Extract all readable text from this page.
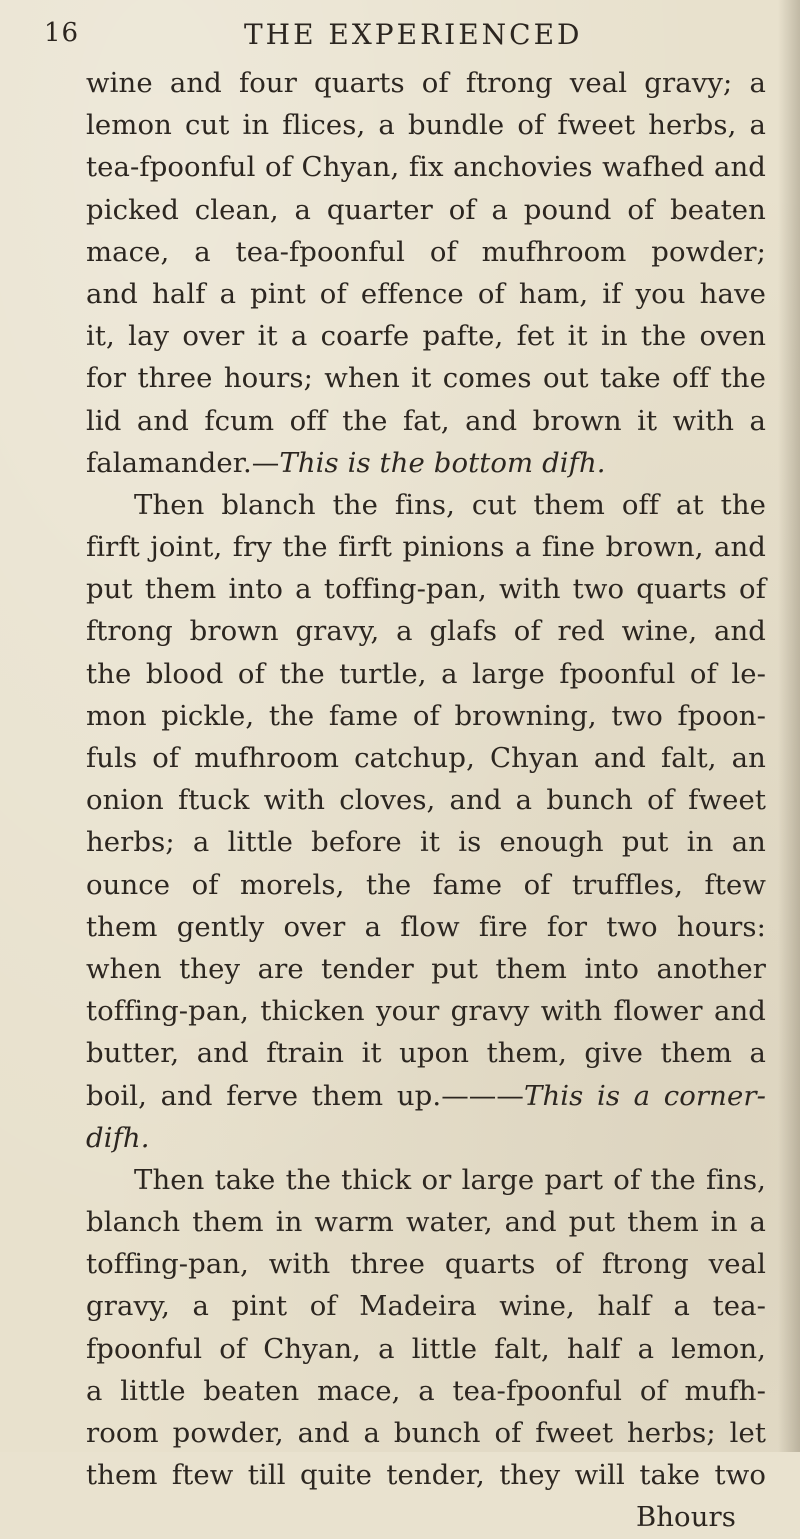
16	THE EXPERIENCED
wine and four quarts of ftrong veal gravy; a
lemon cut in flices, a bundle of fweet herbs, a
tea-fpoonful of Chyan, fix anchovies wafhed and
picked clean, a quarter of a pound of beaten
mace, a tea-fpoonful of mufhroom powder;
and half a pint of effence of ham, if you have
it, lay over it a coarfe pafte, fet it in the oven
for three hours; when it comes out take off the
lid and fcum off the fat, and brown it with a
falamander.—This is the bottom difh.
Then blanch the fins, cut them off at the
firft joint, fry the firft pinions a fine brown, and
put them into a toffing-pan, with two quarts of
ftrong brown gravy, a glafs of red wine, and
the blood of the turtle, a large fpoonful of le-
mon pickle, the fame of browning, two fpoon-
fuls of mufhroom catchup, Chyan and falt, an
onion ftuck with cloves, and a bunch of fweet
herbs; a little before it is enough put in an
ounce of morels, the fame of truffles, ftew
them gently over a flow fire for two hours:
when they are tender put them into another
toffing-pan, thicken your gravy with flower and
butter, and ftrain it upon them, give them a
boil, and ferve them up.———This is a corner-
difh.
Then take the thick or large part of the fins,
blanch them in warm water, and put them in a
toffing-pan, with three quarts of ftrong veal
gravy, a pint of Madeira wine, half a tea-
fpoonful of Chyan, a little falt, half a lemon,
a little beaten mace, a tea-fpoonful of mufh-
room powder, and a bunch of fweet herbs; let
them ftew till quite tender, they will take two
Bhours
